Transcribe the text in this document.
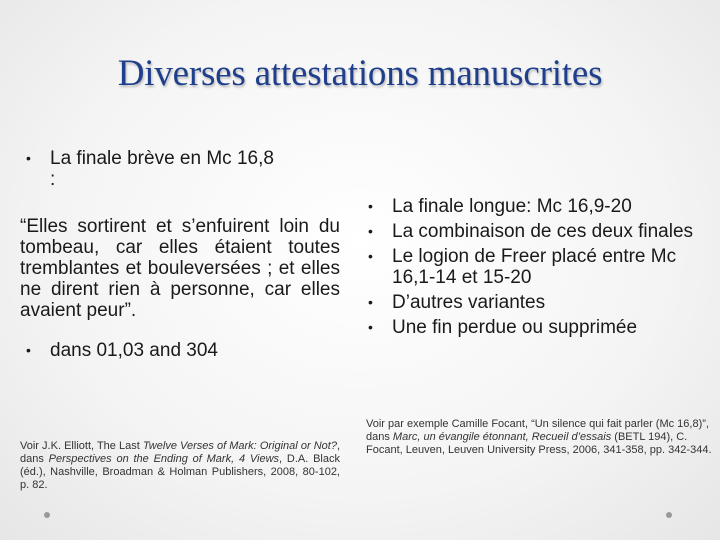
Diverses attestations manuscrites
• La finale brève en Mc 16,8 :

“Elles sortirent et s’enfuirent loin du tombeau, car elles étaient toutes tremblantes et bouleversées ; et elles ne dirent rien à personne, car elles avaient peur”.

• dans 01,03 and 304
Voir J.K. Elliott, The Last Twelve Verses of Mark: Original or Not?, dans Perspectives on the Ending of Mark, 4 Views, D.A. Black (éd.), Nashville, Broadman & Holman Publishers, 2008, 80-102, p. 82.
• La finale longue: Mc 16,9-20
• La combinaison de ces deux finales
• Le logion de Freer placé entre Mc 16,1-14 et 15-20
• D’autres variantes
• Une fin perdue ou supprimée
Voir par exemple Camille Focant, “Un silence qui fait parler (Mc 16,8)”, dans Marc, un évangile étonnant, Recueil d’essais (BETL 194), C. Focant, Leuven, Leuven University Press, 2006, 341-358, pp. 342-344.
